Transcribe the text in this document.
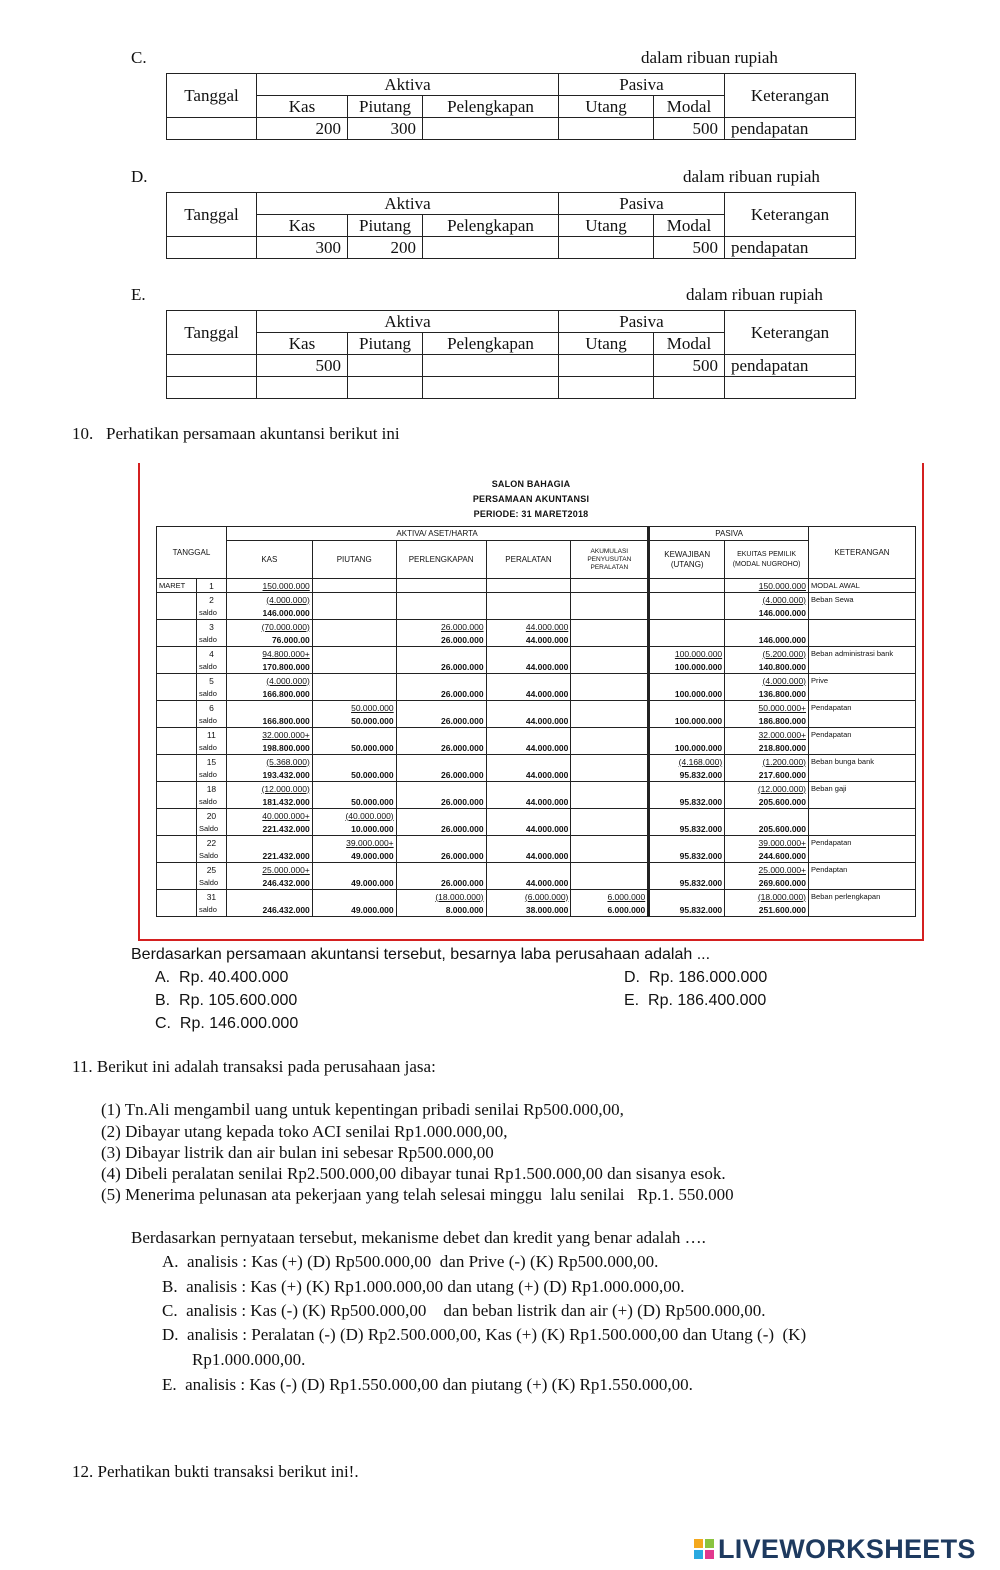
C.	dalam ribuan rupiah
Tanggal	Aktiva			Pasiva		Keterangan
	Kas	Piutang	Pelengkapan	Utang	Modal	
	200	300			500	pendapatan
D.	dalam ribuan rupiah
Tanggal	Aktiva			Pasiva		Keterangan
	Kas	Piutang	Pelengkapan	Utang	Modal	
	300	200			500	pendapatan
E.	dalam ribuan rupiah
Tanggal	Aktiva			Pasiva		Keterangan
	Kas	Piutang	Pelengkapan	Utang	Modal	
	500				500	pendapatan

10.   Perhatikan persamaan akuntansi berikut ini
SALON BAHAGIA
PERSAMAAN AKUNTANSI
PERIODE: 31 MARET2018
TANGGAL		AKTIVA/ ASET/HARTA					PASIVA		KETERANGAN
		KAS	PIUTANG	PERLENGKAPAN	PERALATAN	AKUMULASI PENYUSUTAN PERALATAN	KEWAJIBAN (UTANG)	EKUITAS PEMILIK (MODAL NUGROHO)	
MARET	1	150.000.000						150.000.000	MODAL AWAL
	2	(4.000.000)						(4.000.000)	Beban Sewa
	saldo	146.000.000						146.000.000	
	3	(70.000.000)		26.000.000	44.000.000				
	saldo	76.000.00		26.000.000	44.000.000			146.000.000	
	4	94.800.000+					100.000.000	(5.200.000)	Beban administrasi bank
	saldo	170.800.000		26.000.000	44.000.000		100.000.000	140.800.000	
	5	(4.000.000)						(4.000.000)	Prive
	saldo	166.800.000		26.000.000	44.000.000		100.000.000	136.800.000	
	6		50.000.000					50.000.000+	Pendapatan
	saldo	166.800.000	50.000.000	26.000.000	44.000.000		100.000.000	186.800.000	
	11	32.000.000+						32.000.000+	Pendapatan
	saldo	198.800.000	50.000.000	26.000.000	44.000.000		100.000.000	218.800.000	
	15	(5.368.000)					(4.168.000)	(1.200.000)	Beban bunga bank
	saldo	193.432.000	50.000.000	26.000.000	44.000.000		95.832.000	217.600.000	
	18	(12.000.000)						(12.000.000)	Beban gaji
	saldo	181.432.000	50.000.000	26.000.000	44.000.000		95.832.000	205.600.000	
	20	40.000.000+	(40.000.000)						
	Saldo	221.432.000	10.000.000	26.000.000	44.000.000		95.832.000	205.600.000	
	22		39.000.000+					39.000.000+	Pendapatan
	Saldo	221.432.000	49.000.000	26.000.000	44.000.000		95.832.000	244.600.000	
	25	25.000.000+						25.000.000+	Pendaptan
	Saldo	246.432.000	49.000.000	26.000.000	44.000.000		95.832.000	269.600.000	
	31			(18.000.000)	(6.000.000)	6.000.000		(18.000.000)	Beban perlengkapan
	saldo	246.432.000	49.000.000	8.000.000	38.000.000	6.000.000	95.832.000	251.600.000	
Berdasarkan persamaan akuntansi tersebut, besarnya laba perusahaan adalah ...
A.  Rp. 40.400.000
B.  Rp. 105.600.000
C.  Rp. 146.000.000
D.  Rp. 186.000.000
E.  Rp. 186.400.000
11. Berikut ini adalah transaksi pada perusahaan jasa:
(1) Tn.Ali mengambil uang untuk kepentingan pribadi senilai Rp500.000,00,
(2) Dibayar utang kepada toko ACI senilai Rp1.000.000,00,
(3) Dibayar listrik dan air bulan ini sebesar Rp500.000,00
(4) Dibeli peralatan senilai Rp2.500.000,00 dibayar tunai Rp1.500.000,00 dan sisanya esok.
(5) Menerima pelunasan ata pekerjaan yang telah selesai minggu  lalu senilai   Rp.1. 550.000
Berdasarkan pernyataan tersebut, mekanisme debet dan kredit yang benar adalah ….
A. analisis : Kas (+) (D) Rp500.000,00  dan Prive (-) (K) Rp500.000,00.
B. analisis : Kas (+) (K) Rp1.000.000,00 dan utang (+) (D) Rp1.000.000,00.
C. analisis : Kas (-) (K) Rp500.000,00    dan beban listrik dan air (+) (D) Rp500.000,00.
D. analisis : Peralatan (-) (D) Rp2.500.000,00, Kas (+) (K) Rp1.500.000,00 dan Utang (-)  (K)
Rp1.000.000,00.
E. analisis : Kas (-) (D) Rp1.550.000,00 dan piutang (+) (K) Rp1.550.000,00.
12. Perhatikan bukti transaksi berikut ini!.
LIVEWORKSHEETS
